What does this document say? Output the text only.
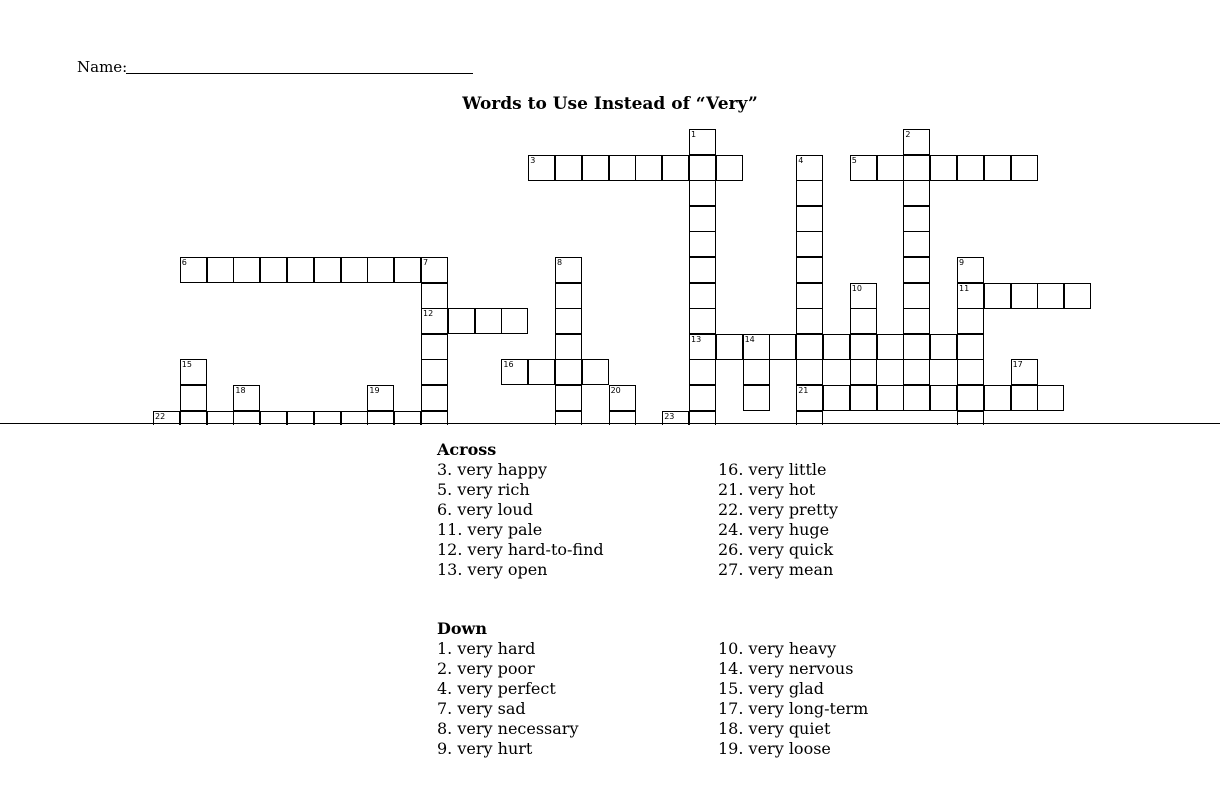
Name:
Words to Use Instead of “Very”
3
1
13
4
21
5
2
6	7
12
8	9
11
10
14
15	16	17
18	19	20
22	23
Across
3. very happy
5. very rich
6. very loud
11. very pale
12. very hard-to-find
13. very open
16. very little
21. very hot
22. very pretty
24. very huge
26. very quick
27. very mean
Down
1. very hard
2. very poor
4. very perfect
7. very sad
8. very necessary
9. very hurt
10. very heavy
14. very nervous
15. very glad
17. very long-term
18. very quiet
19. very loose
